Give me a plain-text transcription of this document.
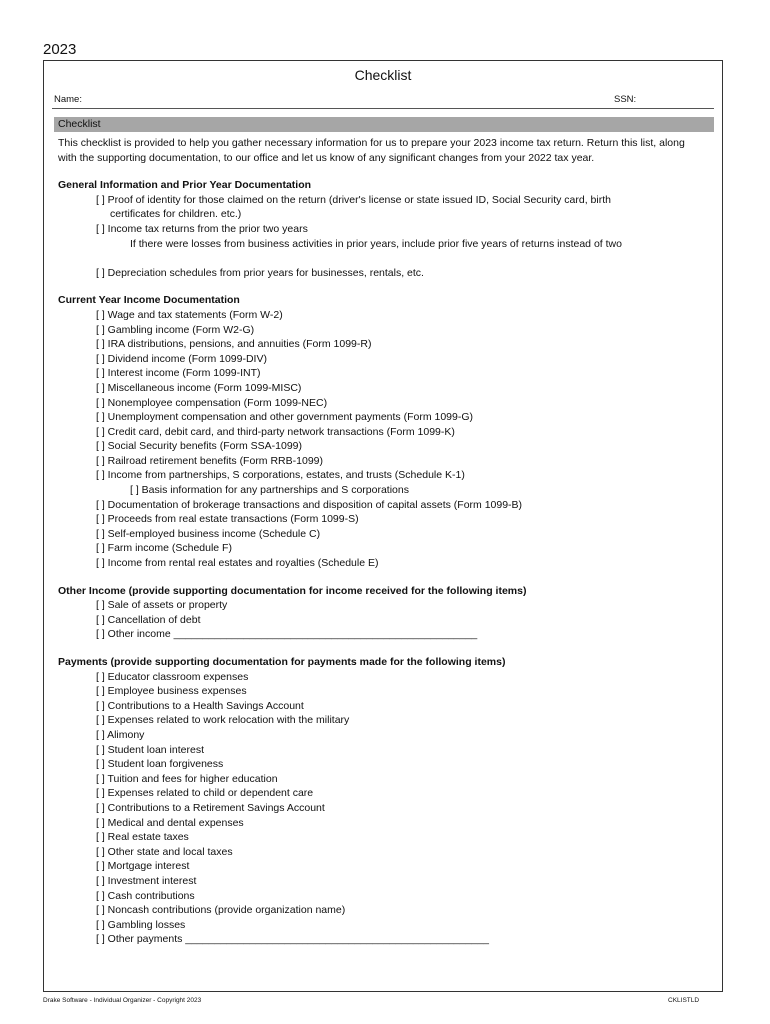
2023
Checklist
Name:	SSN:
Checklist

This checklist is provided to help you gather necessary information for us to prepare your 2023 income tax return. Return this list, along with the supporting documentation, to our office and let us know of any significant changes from your 2022 tax year.

General Information and Prior Year Documentation
[ ] Proof of identity for those claimed on the return (driver's license or state issued ID, Social Security card, birth
certificates for children. etc.)
[ ] Income tax returns from the prior two years
If there were losses from business activities in prior years, include prior five years of returns instead of two
[ ] Depreciation schedules from prior years for businesses, rentals, etc.
Current Year Income Documentation
[ ] Wage and tax statements (Form W-2)
[ ] Gambling income (Form W2-G)
[ ] IRA distributions, pensions, and annuities (Form 1099-R)
[ ] Dividend income (Form 1099-DIV)
[ ] Interest income (Form 1099-INT)
[ ] Miscellaneous income (Form 1099-MISC)
[ ] Nonemployee compensation (Form 1099-NEC)
[ ] Unemployment compensation and other government payments (Form 1099-G)
[ ] Credit card, debit card, and third-party network transactions (Form 1099-K)
[ ] Social Security benefits (Form SSA-1099)
[ ] Railroad retirement benefits (Form RRB-1099)
[ ] Income from partnerships, S corporations, estates, and trusts (Schedule K-1)
[ ] Basis information for any partnerships and S corporations
[ ] Documentation of brokerage transactions and disposition of capital assets (Form 1099-B)
[ ] Proceeds from real estate transactions (Form 1099-S)
[ ] Self-employed business income (Schedule C)
[ ] Farm income (Schedule F)
[ ] Income from rental real estates and royalties (Schedule E)
Other Income (provide supporting documentation for income received for the following items)
[ ] Sale of assets or property
[ ] Cancellation of debt
[ ] Other income ____________________________________________________
Payments (provide supporting documentation for payments made for the following items)
[ ] Educator classroom expenses
[ ] Employee business expenses
[ ] Contributions to a Health Savings Account
[ ] Expenses related to work relocation with the military
[ ] Alimony
[ ] Student loan interest
[ ] Student loan forgiveness
[ ] Tuition and fees for higher education
[ ] Expenses related to child or dependent care
[ ] Contributions to a Retirement Savings Account
[ ] Medical and dental expenses
[ ] Real estate taxes
[ ] Other state and local taxes
[ ] Mortgage interest
[ ] Investment interest
[ ] Cash contributions
[ ] Noncash contributions (provide organization name)
[ ] Gambling losses
[ ] Other payments ____________________________________________________
Drake Software - Individual Organizer - Copyright 2023	CKLISTLD
